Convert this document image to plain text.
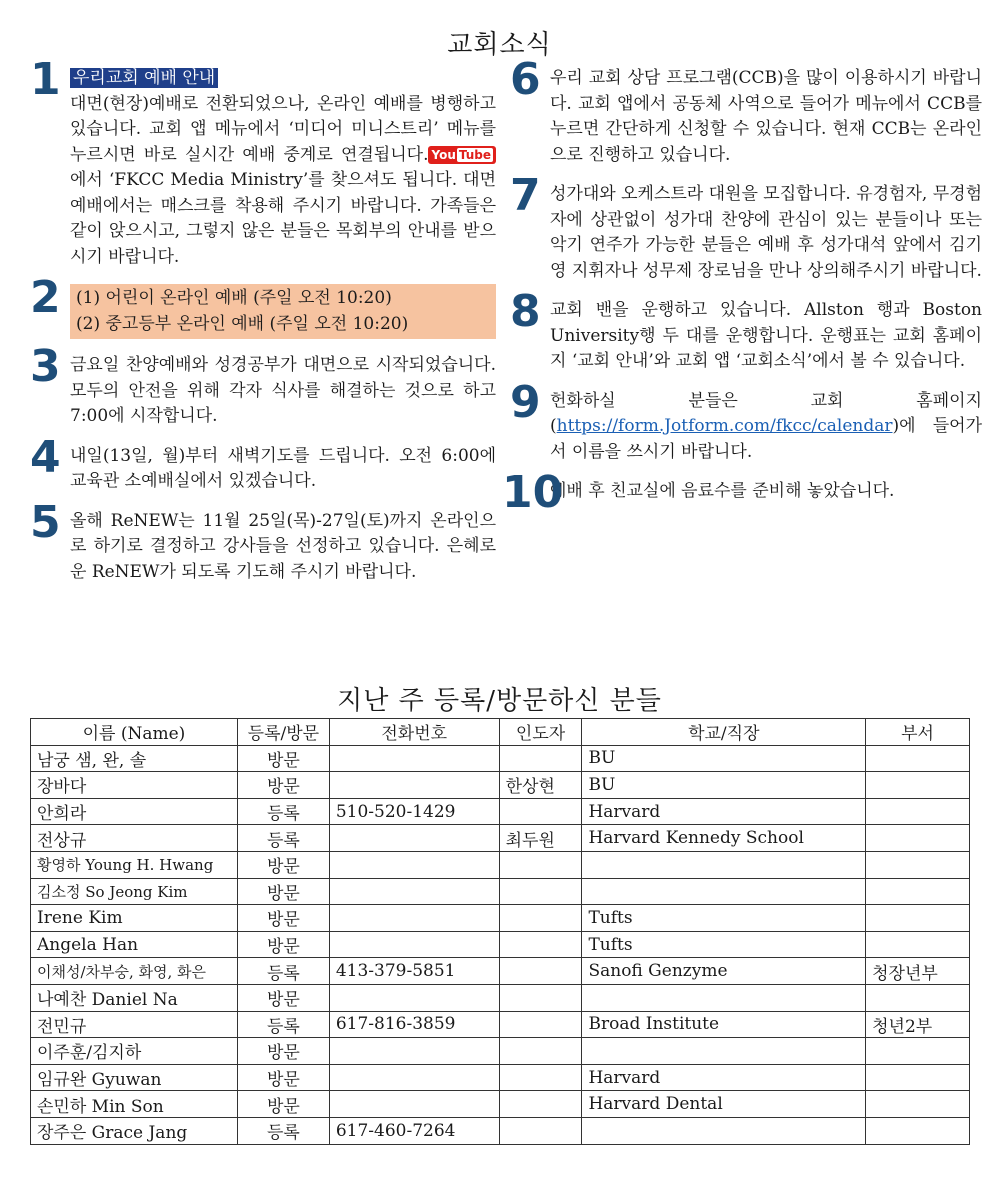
교회소식
1 우리교회 예배 안내
대면(현장)예배로 전환되었으나, 온라인 예배를 병행하고 있습니다. 교회 앱 메뉴에서 ‘미디어 미니스트리’ 메뉴를 누르시면 바로 실시간 예배 중계로 연결됩니다. You Tube에서 ‘FKCC Media Ministry’를 찾으셔도 됩니다. 대면예배에서는 매스크를 착용해 주시기 바랍니다. 가족들은 같이 앉으시고, 그렇지 않은 분들은 목회부의 안내를 받으시기 바랍니다.
2 (1) 어린이 온라인 예배 (주일 오전 10:20)
(2) 중고등부 온라인 예배 (주일 오전 10:20)
3 금요일 찬양예배와 성경공부가 대면으로 시작되었습니다. 모두의 안전을 위해 각자 식사를 해결하는 것으로 하고 7:00에 시작합니다.
4 내일(13일, 월)부터 새벽기도를 드립니다. 오전 6:00에 교육관 소예배실에서 있겠습니다.
5 올해 ReNEW는 11월 25일(목)-27일(토)까지 온라인으로 하기로 결정하고 강사들을 선정하고 있습니다. 은혜로운 ReNEW가 되도록 기도해 주시기 바랍니다.
6 우리 교회 상담 프로그램(CCB)을 많이 이용하시기 바랍니다. 교회 앱에서 공동체 사역으로 들어가 메뉴에서 CCB를 누르면 간단하게 신청할 수 있습니다. 현재 CCB는 온라인으로 진행하고 있습니다.
7 성가대와 오케스트라 대원을 모집합니다. 유경험자, 무경험자에 상관없이 성가대 찬양에 관심이 있는 분들이나 또는 악기 연주가 가능한 분들은 예배 후 성가대석 앞에서 김기영 지휘자나 성무제 장로님을 만나 상의해주시기 바랍니다.
8 교회 밴을 운행하고 있습니다. Allston 행과 Boston University행 두 대를 운행합니다. 운행표는 교회 홈페이지 ‘교회 안내’와 교회 앱 ‘교회소식’에서 볼 수 있습니다.
9 헌화하실 분들은 교회 홈페이지(https://form.Jotform.com/fkcc/calendar)에 들어가서 이름을 쓰시기 바랍니다.
10
예배 후 친교실에 음료수를 준비해 놓았습니다.
지난 주 등록/방문하신 분들
이름 (Name)	등록/방문	전화번호	인도자	학교/직장	부서
남궁 샘, 완, 솔	방문			BU	
장바다	방문		한상현	BU	
안희라	등록	510-520-1429		Harvard	
전상규	등록		최두원	Harvard Kennedy School	
황영하 Young H. Hwang	방문				
김소정 So Jeong Kim	방문				
Irene Kim	방문			Tufts	
Angela Han	방문			Tufts	
이채성/차부숭, 화영, 화은	등록	413-379-5851		Sanofi Genzyme	청장년부
나예찬 Daniel Na	방문				
전민규	등록	617-816-3859		Broad Institute	청년2부
이주훈/김지하	방문				
임규완 Gyuwan	방문			Harvard	
손민하 Min Son	방문			Harvard Dental	
장주은 Grace Jang	등록	617-460-7264			
